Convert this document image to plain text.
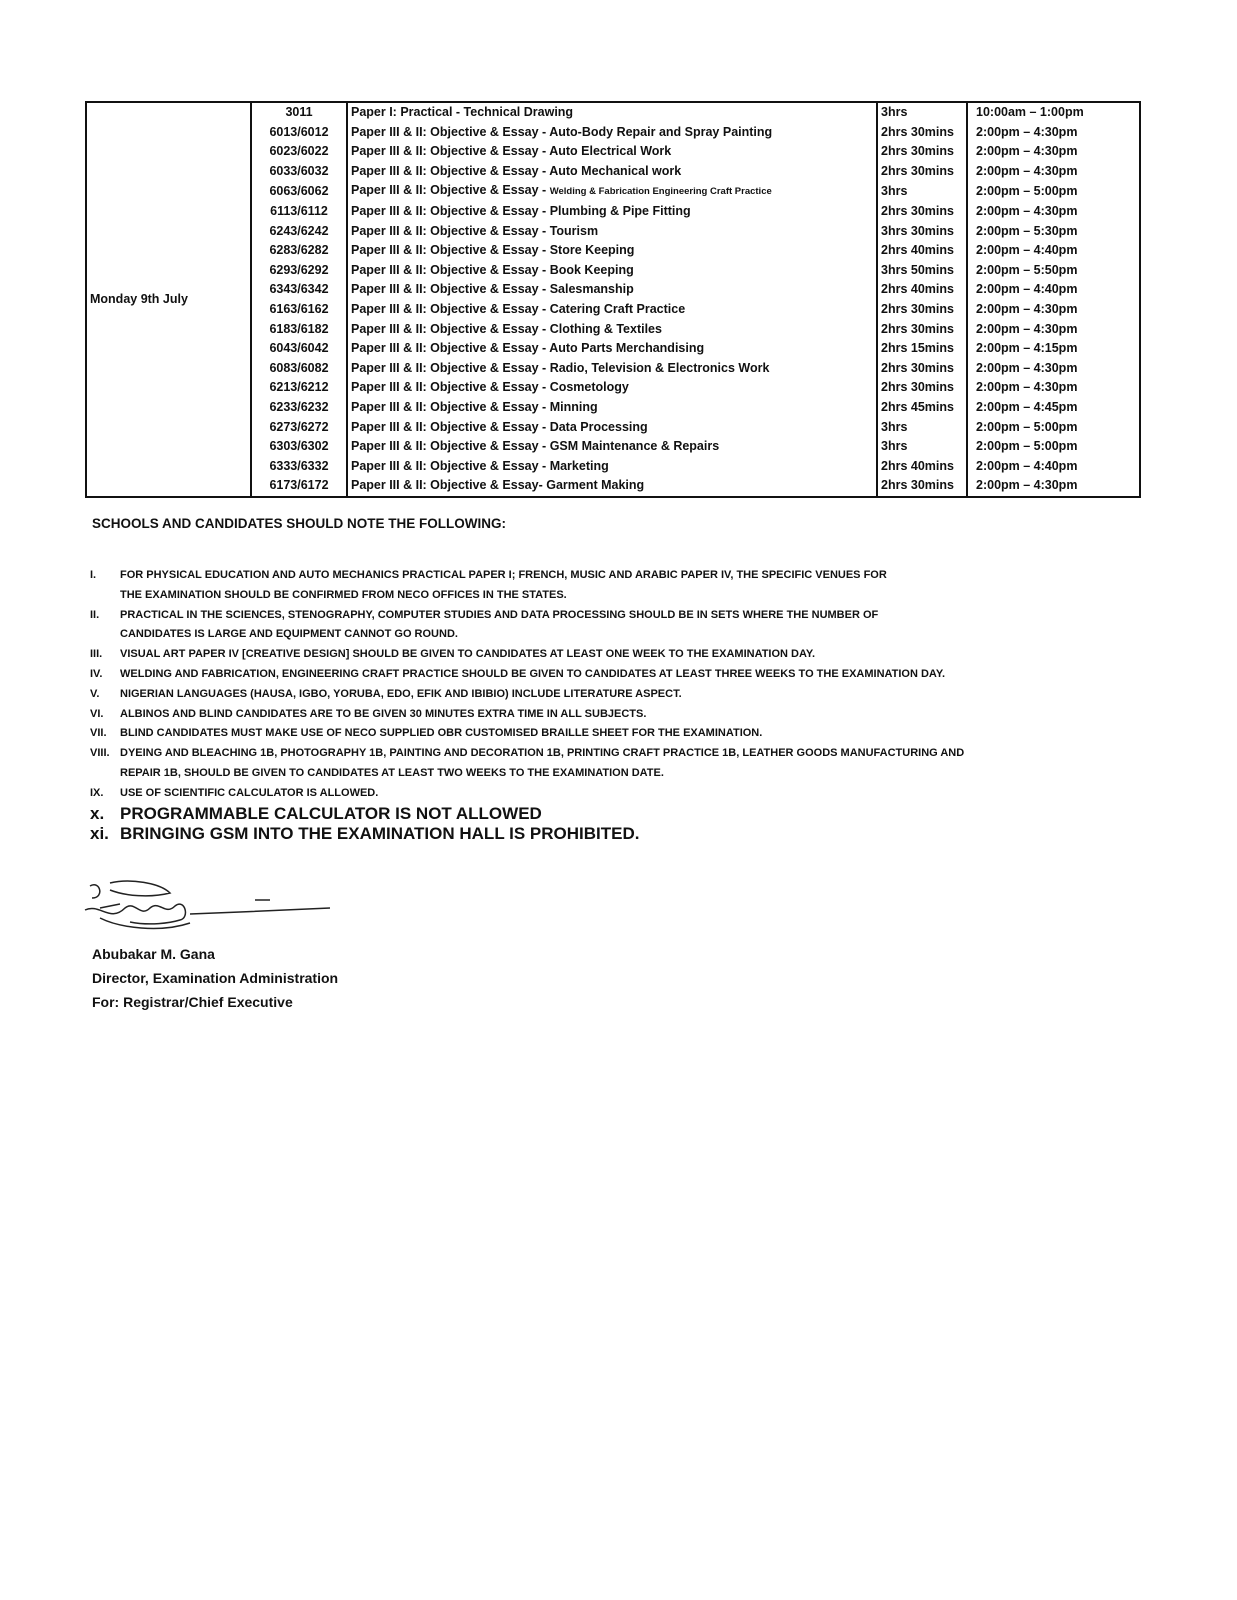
Monday 9th July	3011	Paper I: Practical - Technical Drawing	3hrs	10:00am – 1:00pm
	6013/6012	Paper III & II: Objective & Essay - Auto-Body Repair and Spray Painting	2hrs 30mins	2:00pm – 4:30pm
	6023/6022	Paper III & II: Objective & Essay - Auto Electrical Work	2hrs 30mins	2:00pm – 4:30pm
	6033/6032	Paper III & II: Objective & Essay - Auto Mechanical work	2hrs 30mins	2:00pm – 4:30pm
	6063/6062	Paper III & II: Objective & Essay - Welding & Fabrication Engineering Craft Practice	3hrs	2:00pm – 5:00pm
	6113/6112	Paper III & II: Objective & Essay - Plumbing & Pipe Fitting	2hrs 30mins	2:00pm – 4:30pm
	6243/6242	Paper III & II: Objective & Essay - Tourism	3hrs 30mins	2:00pm – 5:30pm
	6283/6282	Paper III & II: Objective & Essay - Store Keeping	2hrs 40mins	2:00pm – 4:40pm
	6293/6292	Paper III & II: Objective & Essay - Book Keeping	3hrs 50mins	2:00pm – 5:50pm
	6343/6342	Paper III & II: Objective & Essay - Salesmanship	2hrs 40mins	2:00pm – 4:40pm
	6163/6162	Paper III & II: Objective & Essay - Catering Craft Practice	2hrs 30mins	2:00pm – 4:30pm
	6183/6182	Paper III & II: Objective & Essay - Clothing & Textiles	2hrs 30mins	2:00pm – 4:30pm
	6043/6042	Paper III & II: Objective & Essay - Auto Parts Merchandising	2hrs 15mins	2:00pm – 4:15pm
	6083/6082	Paper III & II: Objective & Essay - Radio, Television & Electronics Work	2hrs 30mins	2:00pm – 4:30pm
	6213/6212	Paper III & II: Objective & Essay - Cosmetology	2hrs 30mins	2:00pm – 4:30pm
	6233/6232	Paper III & II: Objective & Essay - Minning	2hrs 45mins	2:00pm – 4:45pm
	6273/6272	Paper III & II: Objective & Essay - Data Processing	3hrs	2:00pm – 5:00pm
	6303/6302	Paper III & II: Objective & Essay - GSM Maintenance & Repairs	3hrs	2:00pm – 5:00pm
	6333/6332	Paper III & II: Objective & Essay - Marketing	2hrs 40mins	2:00pm – 4:40pm
	6173/6172	Paper III & II: Objective & Essay- Garment Making	2hrs 30mins	2:00pm – 4:30pm
SCHOOLS AND CANDIDATES SHOULD NOTE THE FOLLOWING:
I.	FOR PHYSICAL EDUCATION AND AUTO MECHANICS PRACTICAL PAPER I; FRENCH, MUSIC AND ARABIC PAPER IV, THE SPECIFIC VENUES FOR
THE EXAMINATION SHOULD BE CONFIRMED FROM NECO OFFICES IN THE STATES.
II.	PRACTICAL IN THE SCIENCES, STENOGRAPHY, COMPUTER STUDIES AND DATA PROCESSING SHOULD BE IN SETS WHERE THE NUMBER OF
CANDIDATES IS LARGE AND EQUIPMENT CANNOT GO ROUND.
III.	VISUAL ART PAPER IV [CREATIVE DESIGN] SHOULD BE GIVEN TO CANDIDATES AT LEAST ONE WEEK TO THE EXAMINATION DAY.
IV.	WELDING AND FABRICATION, ENGINEERING CRAFT PRACTICE SHOULD BE GIVEN TO CANDIDATES AT LEAST THREE WEEKS TO THE EXAMINATION DAY.
V.	NIGERIAN LANGUAGES (HAUSA, IGBO, YORUBA, EDO, EFIK AND IBIBIO) INCLUDE LITERATURE ASPECT.
VI.	ALBINOS AND BLIND CANDIDATES ARE TO BE GIVEN 30 MINUTES EXTRA TIME IN ALL SUBJECTS.
VII.	BLIND CANDIDATES MUST MAKE USE OF NECO SUPPLIED OBR CUSTOMISED BRAILLE SHEET FOR THE EXAMINATION.
VIII. DYEING AND BLEACHING 1B, PHOTOGRAPHY 1B, PAINTING AND DECORATION 1B, PRINTING CRAFT PRACTICE 1B, LEATHER GOODS MANUFACTURING AND
REPAIR 1B, SHOULD BE GIVEN TO CANDIDATES AT LEAST TWO WEEKS TO THE EXAMINATION DATE.
IX.	USE OF SCIENTIFIC CALCULATOR IS ALLOWED.
x. PROGRAMMABLE CALCULATOR IS NOT ALLOWED
xi. BRINGING GSM INTO THE EXAMINATION HALL IS PROHIBITED.
Abubakar M. Gana
Director, Examination Administration
For: Registrar/Chief Executive
